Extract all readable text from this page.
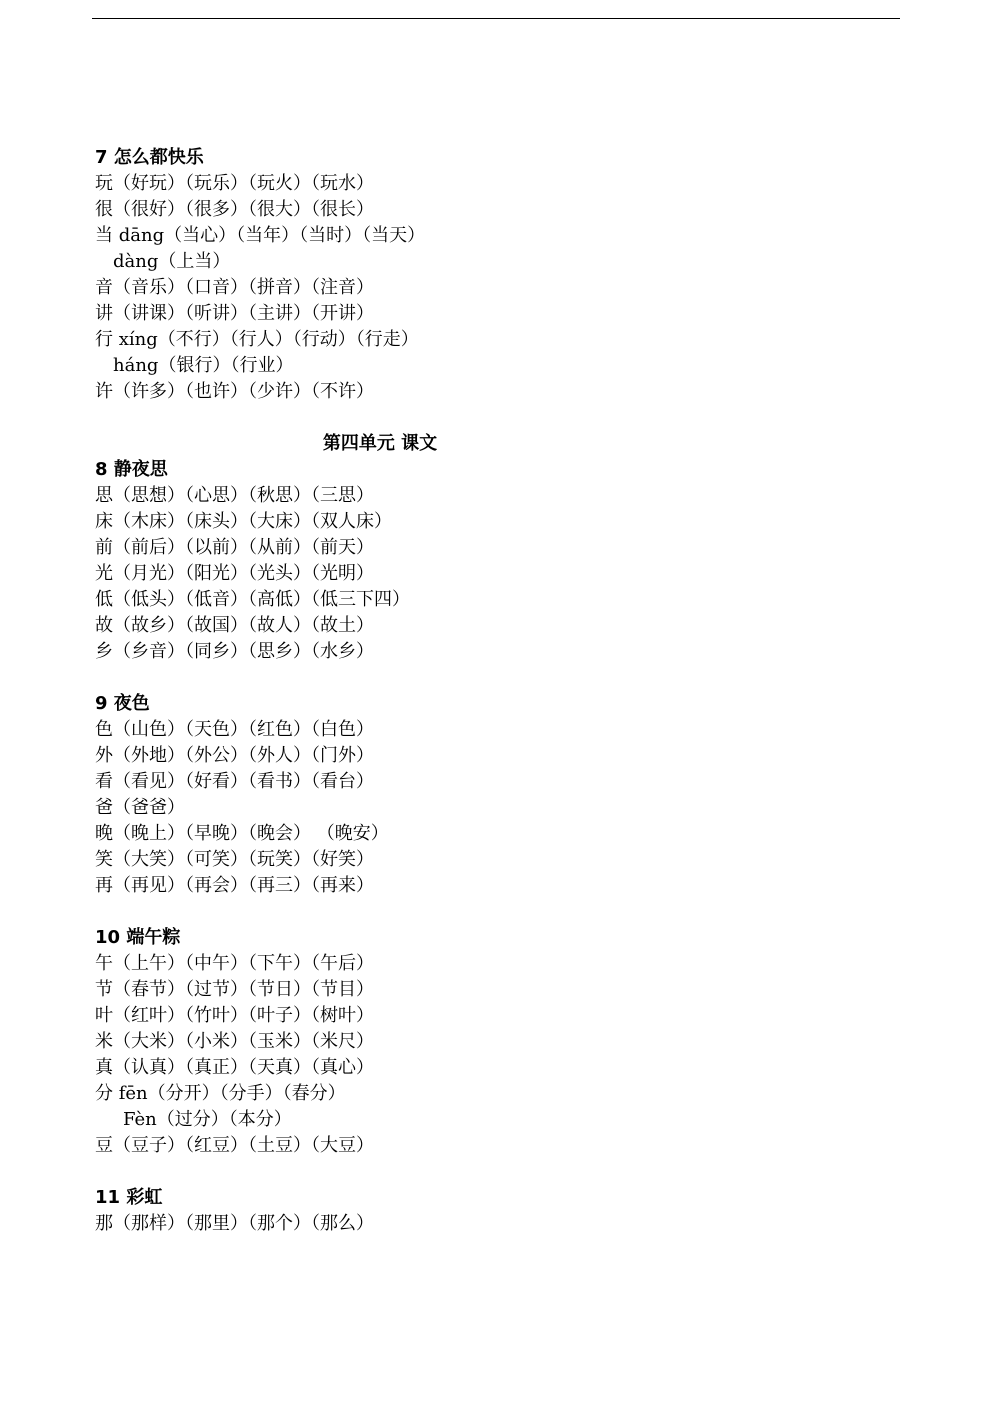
7 怎么都快乐
玩（好玩）（玩乐）（玩火）（玩水）
很（很好）（很多）（很大）（很长）
当 dāng（当心）（当年）（当时）（当天）
dàng（上当）
音（音乐）（口音）（拼音）（注音）
讲（讲课）（听讲）（主讲）（开讲）
行 xíng（不行）（行人）（行动）（行走）
háng（银行）（行业）
许（许多）（也许）（少许）（不许）
第四单元 课文
8 静夜思
思（思想）（心思）（秋思）（三思）
床（木床）（床头）（大床）（双人床）
前（前后）（以前）（从前）（前天）
光（月光）（阳光）（光头）（光明）
低（低头）（低音）（高低）（低三下四）
故（故乡）（故国）（故人）（故土）
乡（乡音）（同乡）（思乡）（水乡）
9 夜色
色（山色）（天色）（红色）（白色）
外（外地）（外公）（外人）（门外）
看（看见）（好看）（看书）（看台）
爸（爸爸）
晚（晚上）（早晚）（晚会） （晚安）
笑（大笑）（可笑）（玩笑）（好笑）
再（再见）（再会）（再三）（再来）
10 端午粽
午（上午）（中午）（下午）（午后）
节（春节）（过节）（节日）（节目）
叶（红叶）（竹叶）（叶子）（树叶）
米（大米）（小米）（玉米）（米尺）
真（认真）（真正）（天真）（真心）
分 fēn（分开）（分手）（春分）
Fèn（过分）（本分）
豆（豆子）（红豆）（土豆）（大豆）
11 彩虹
那（那样）（那里）（那个）（那么）
